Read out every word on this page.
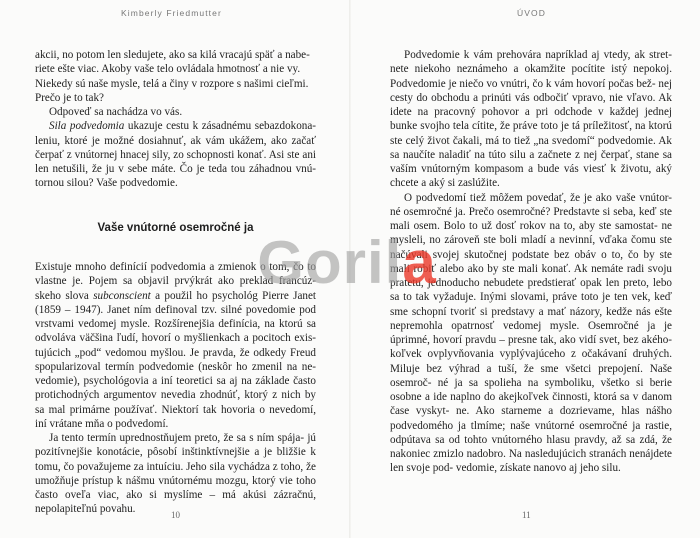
Kimberly Friedmutter

akcii, no potom len sledujete, ako sa kilá vracajú späť a nabe-

riete ešte viac. Akoby vaše telo ovládala hmotnosť a nie vy.

Niekedy sú naše mysle, telá a činy v rozpore s našimi cieľmi.

Prečo je to tak?

Odpoveď sa nachádza vo vás.

Sila podvedomia ukazuje cestu k zásadnému sebazdokona- leniu, ktoré je možné dosiahnuť, ak vám ukážem, ako začať čerpať z vnútornej hnacej sily, zo schopnosti konať. Asi ste ani len netušili, že ju v sebe máte. Čo je teda tou záhadnou vnú- tornou silou? Vaše podvedomie.

Vaše vnútorné osemročné ja

Existuje mnoho definícií podvedomia a zmienok o tom, čo to vlastne je. Pojem sa objavil prvýkrát ako preklad francúz- skeho slova subconscient a použil ho psychológ Pierre Janet (1859 – 1947). Janet ním definoval tzv. silné povedomie pod vrstvami vedomej mysle. Rozšírenejšia definícia, na ktorú sa odvoláva väčšina ľudí, hovorí o myšlienkach a pocitoch exis- tujúcich „pod“ vedomou myšlou. Je pravda, že odkedy Freud spopularizoval termín podvedomie (neskôr ho zmenil na ne- vedomie), psychológovia a iní teoretici sa aj na základe často protichodných argumentov nevedia zhodnúť, ktorý z nich by sa mal primárne používať. Niektorí tak hovoria o nevedomí, iní vrátane mňa o podvedomí.

Ja tento termín uprednostňujem preto, že sa s ním spája- jú pozitívnejšie konotácie, pôsobí inštinktívnejšie a je bližšie k tomu, čo považujeme za intuíciu. Jeho sila vychádza z toho, že umožňuje prístup k nášmu vnútornému mozgu, ktorý vie toho často oveľa viac, ako si myslíme – má akúsi zázračnú, nepolapiteľnú povahu.	10
ÚVOD

Podvedomie k vám prehovára napríklad aj vtedy, ak stret- nete niekoho neznámeho a okamžite pocítite istý nepokoj. Podvedomie je niečo vo vnútri, čo k vám hovorí počas bež- nej cesty do obchodu a prinúti vás odbočiť vpravo, nie vľavo. Ak idete na pracovný pohovor a pri odchode v každej jednej bunke svojho tela cítite, že práve toto je tá príležitosť, na ktorú ste celý život čakali, má to tiež „na svedomí“ podvedomie. Ak sa naučíte naladiť na túto silu a začnete z nej čerpať, stane sa vaším vnútorným kompasom a bude vás viesť k životu, aký chcete a aký si zaslúžite.

O podvedomí tiež môžem povedať, že je ako vaše vnútor- né osemročné ja. Prečo osemročné? Predstavte si seba, keď ste mali osem. Bolo to už dosť rokov na to, aby ste samostat- ne mysleli, no zároveň ste boli mladí a nevinní, vďaka čomu ste načúvali svojej skutočnej podstate bez obáv o to, čo by ste mali robiť alebo ako by ste mali konať. Ak nemáte radi svoju pratetu, jednoducho nebudete predstierať opak len preto, lebo sa to tak vyžaduje. Inými slovami, práve toto je ten vek, keď sme schopní tvoriť si predstavy a mať názory, kedže nás ešte nepremohla opatrnosť vedomej mysle. Osemročné ja je úprimné, hovorí pravdu – presne tak, ako vidí svet, bez akého- koľvek ovplyvňovania vyplývajúceho z očakávaní druhých. Miluje bez výhrad a tuší, že sme všetci prepojení. Naše osemroč- né ja sa spolieha na symboliku, všetko si berie osobne a ide naplno do akejkoľvek činnosti, ktorá sa v danom čase vyskyt- ne. Ako starneme a dozrievame, hlas nášho podvedomého ja tlmíme; naše vnútorné osemročné ja rastie, odpútava sa od tohto vnútorného hlasu pravdy, až sa zdá, že nakoniec zmizlo nadobro. Na nasledujúcich stranách nenájdete len svoje pod- vedomie, získate nanovo aj jeho silu.

11
Goril a
